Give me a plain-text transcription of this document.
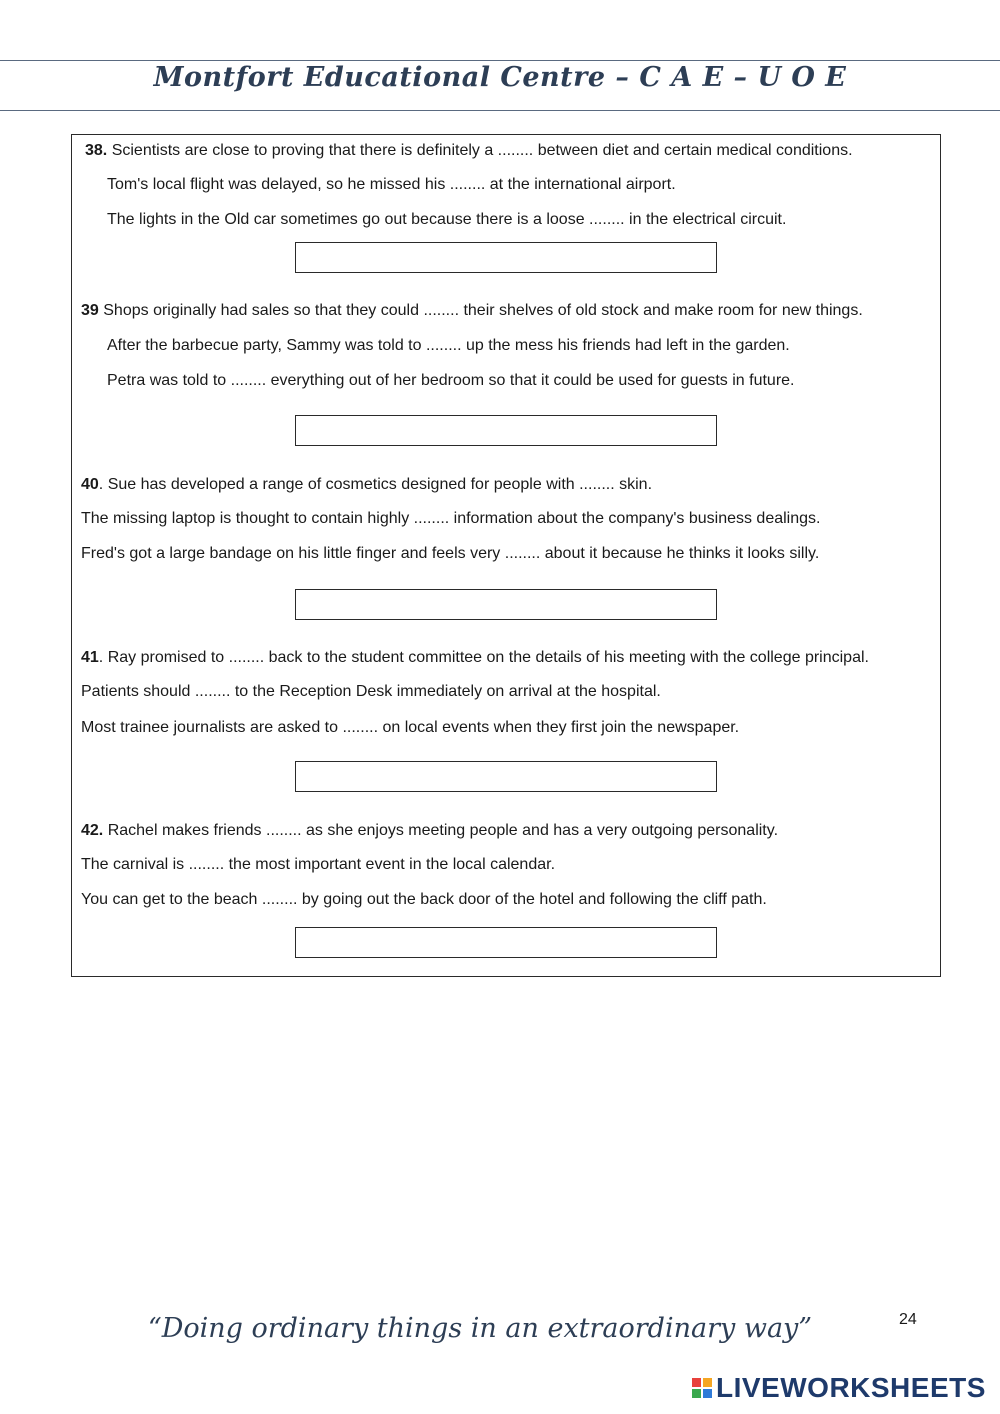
Montfort Educational Centre – C A E – U O E
38. Scientists are close to proving that there is definitely a ........ between diet and certain medical conditions.
Tom's local flight was delayed, so he missed his ........ at the international airport.
The lights in the Old car sometimes go out because there is a loose ........ in the electrical circuit.
39 Shops originally had sales so that they could ........ their shelves of old stock and make room for new things.
After the barbecue party, Sammy was told to ........ up the mess his friends had left in the garden.
Petra was told to ........ everything out of her bedroom so that it could be used for guests in future.
40. Sue has developed a range of cosmetics designed for people with ........ skin.
The missing laptop is thought to contain highly ........ information about the company's business dealings.
Fred's got a large bandage on his little finger and feels very ........ about it because he thinks it looks silly.
41. Ray promised to ........ back to the student committee on the details of his meeting with the college principal.
Patients should ........ to the Reception Desk immediately on arrival at the hospital.
Most trainee journalists are asked to ........ on local events when they first join the newspaper.
42. Rachel makes friends ........ as she enjoys meeting people and has a very outgoing personality.
The carnival is ........ the most important event in the local calendar.
You can get to the beach ........ by going out the back door of the hotel and following the cliff path.
“Doing ordinary things in an extraordinary way”	24
LIVEWORKSHEETS
